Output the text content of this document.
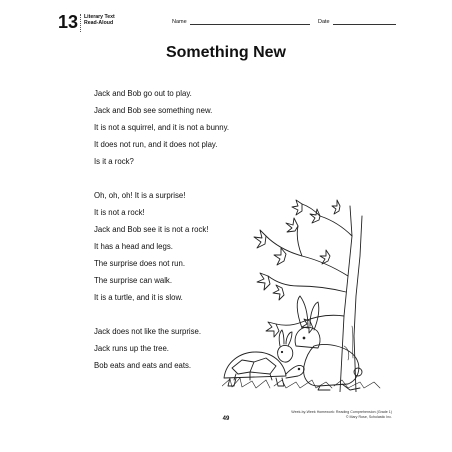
13 Literary Text
Read-Aloud	Name	Date
Something New
Jack and Bob go out to play.
Jack and Bob see something new.
It is not a squirrel, and it is not a bunny.
It does not run, and it does not play.
Is it a rock?
Oh, oh, oh! It is a surprise!
It is not a rock!
Jack and Bob see it is not a rock!
It has a head and legs.
The surprise does not run.
The surprise can walk.
It is a turtle, and it is slow.
Jack does not like the surprise.
Jack runs up the tree.
Bob eats and eats and eats.
49
Week-by-Week Homework: Reading Comprehension (Grade 1)
© Mary Rose, Scholastic Inc.
